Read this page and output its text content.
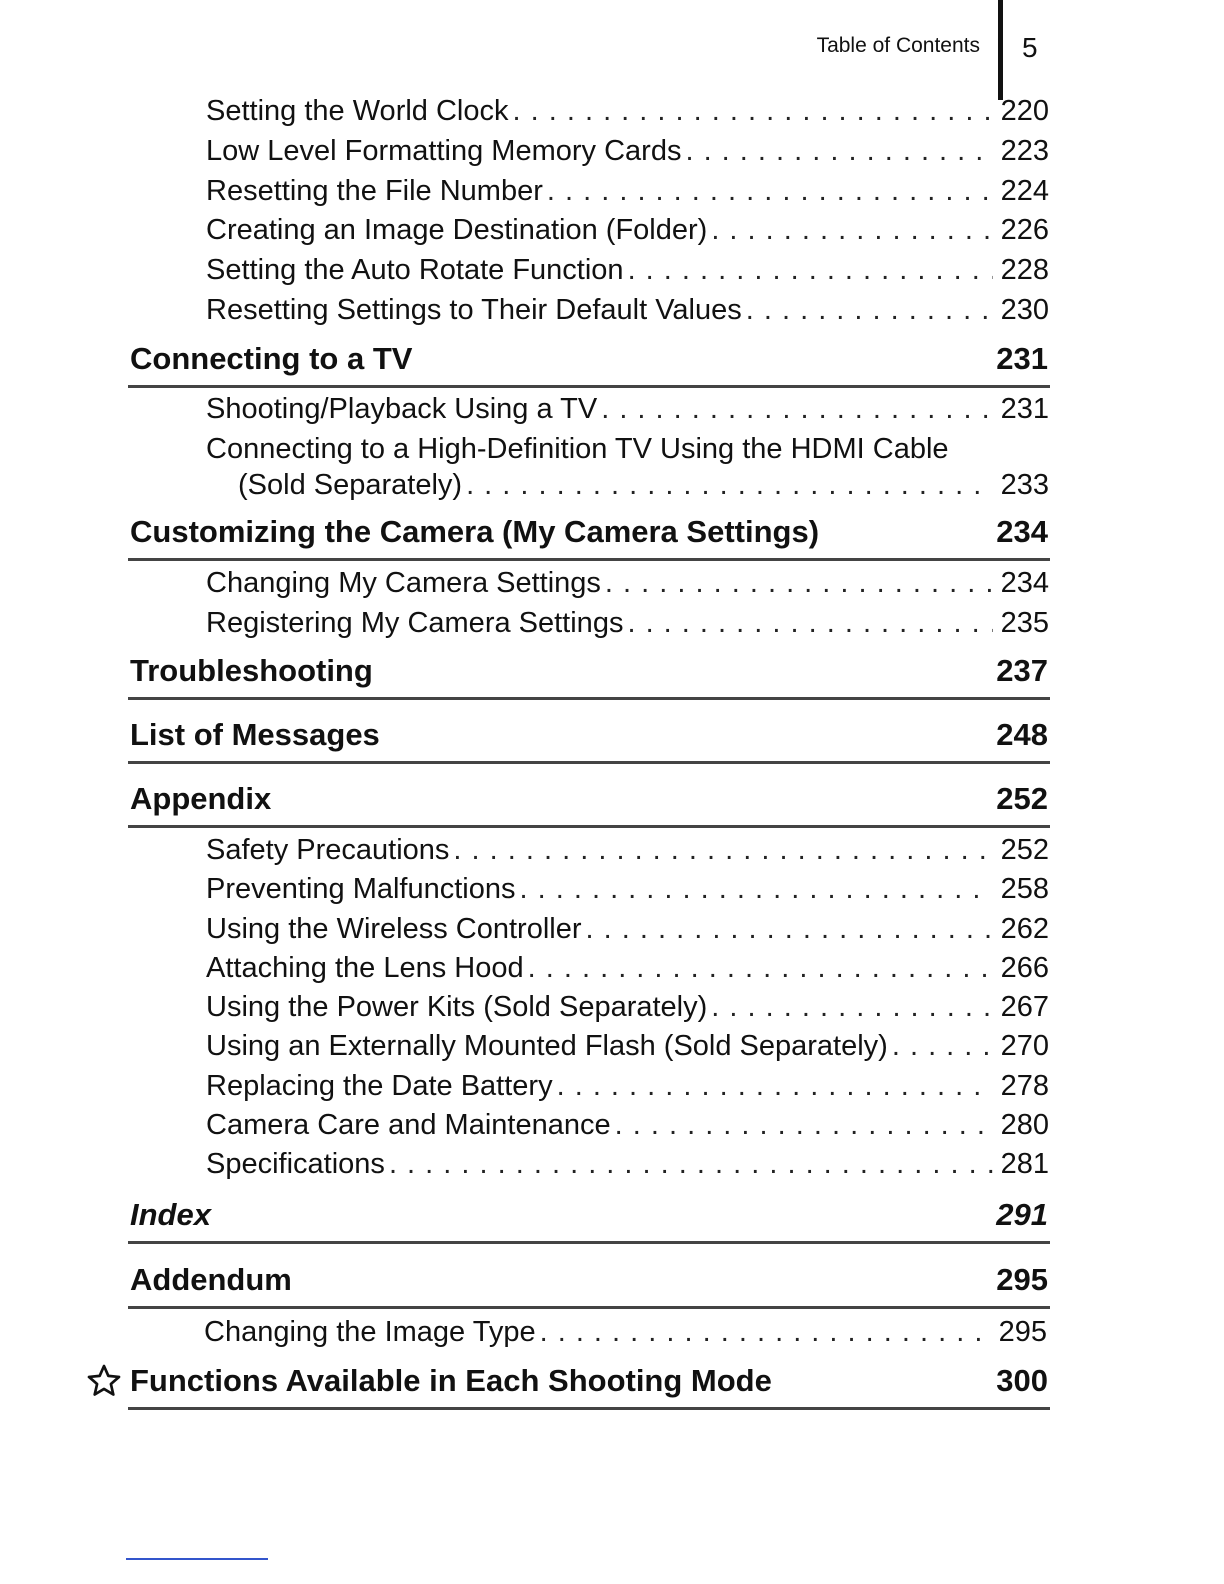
Table of Contents 5
Setting the World Clock . . .	220
Low Level Formatting Memory Cards . . .	223
Resetting the File Number . . .	224
Creating an Image Destination (Folder) . . .	226
Setting the Auto Rotate Function . . .	228
Resetting Settings to Their Default Values . . .	230
Connecting to a TV	231
Shooting/Playback Using a TV . . .	231
Connecting to a High-Definition TV Using the HDMI Cable
(Sold Separately) . . .	233
Customizing the Camera (My Camera Settings)	234
Changing My Camera Settings . . .	234
Registering My Camera Settings . . .	235
Troubleshooting	237
List of Messages	248
Appendix	252
Safety Precautions . . .	252
Preventing Malfunctions . . .	258
Using the Wireless Controller . . .	262
Attaching the Lens Hood . . .	266
Using the Power Kits (Sold Separately) . . .	267
Using an Externally Mounted Flash (Sold Separately) . . .	270
Replacing the Date Battery . . .	278
Camera Care and Maintenance . . .	280
Specifications . . .	281
Index	291
Addendum	295
Changing the Image Type . . .	295
Functions Available in Each Shooting Mode	300
